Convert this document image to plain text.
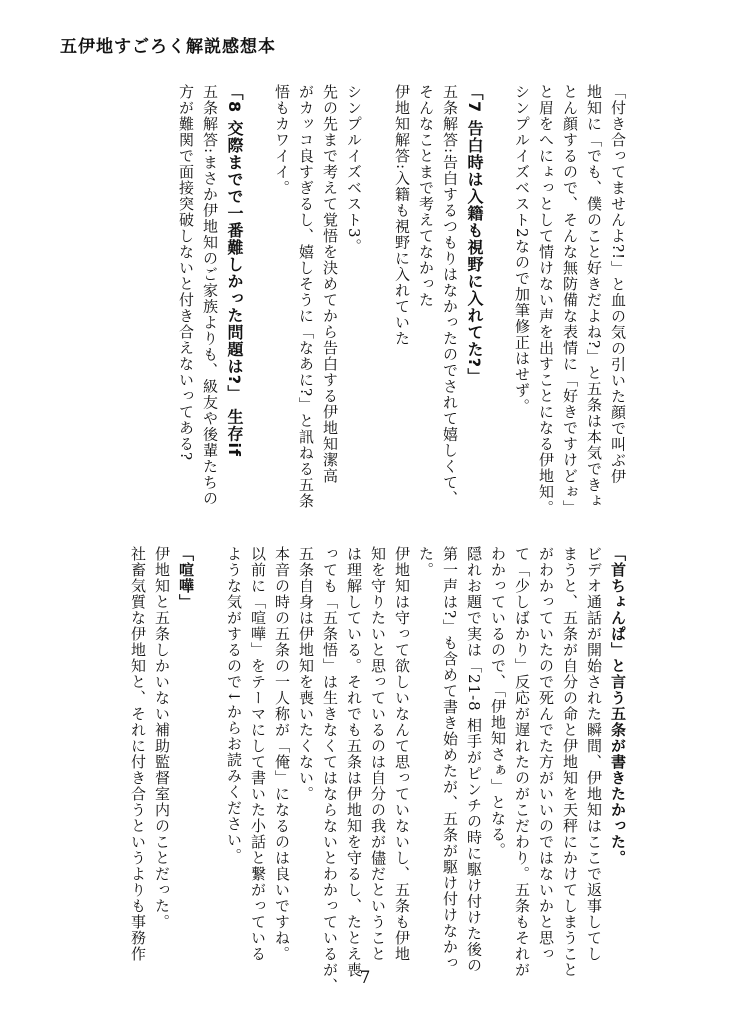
五伊地すごろく解説感想本
「付き合ってませんよ?!」と血の気の引いた顔で叫ぶ伊
地知に「でも、僕のこと好きだよね?」と五条は本気できょ
とん顔するので、そんな無防備な表情に「好きですけどぉ」
と眉をへにょっとして情けない声を出すことになる伊地知。
シンプルイズベスト2なので加筆修正はせず。
「7 告白時は入籍も視野に入れてた?」
五条解答:告白するつもりはなかったのでされて嬉しくて、
そんなことまで考えてなかった
伊地知解答:入籍も視野に入れていた
シンプルイズベスト3。
先の先まで考えて覚悟を決めてから告白する伊地知潔高
がカッコ良すぎるし、嬉しそうに「なあに?」と訊ねる五条
悟もカワイイ。
「8 交際までで一番難しかった問題は?」 生存if
五条解答:まさか伊地知のご家族よりも、級友や後輩たちの
方が難関で面接突破しないと付き合えないってある?
「首ちょんぱ」と言う五条が書きたかった。
ビデオ通話が開始された瞬間、伊地知はここで返事してし
まうと、五条が自分の命と伊地知を天秤にかけてしまうこと
がわかっていたので死んでた方がいいのではないかと思っ
て「少しばかり」反応が遅れたのがこだわり。五条もそれが
わかっているので、「伊地知さぁ」となる。
隠れお題で実は「21-8 相手がピンチの時に駆け付けた後の
第一声は?」も含めて書き始めたが、五条が駆け付けなかっ
た。
伊地知は守って欲しいなんて思っていないし、五条も伊地
知を守りたいと思っているのは自分の我が儘だということ
は理解している。それでも五条は伊地知を守るし、たとえ喪
っても「五条悟」は生きなくてはならないとわかっているが、
五条自身は伊地知を喪いたくない。
本音の時の五条の一人称が「俺」になるのは良いですね。
以前に「喧嘩」をテーマにして書いた小話と繋がっている
ような気がするので↓からお読みください。
「喧嘩」
伊地知と五条しかいない補助監督室内のことだった。
社畜気質な伊地知と、それに付き合うというよりも事務作
7
